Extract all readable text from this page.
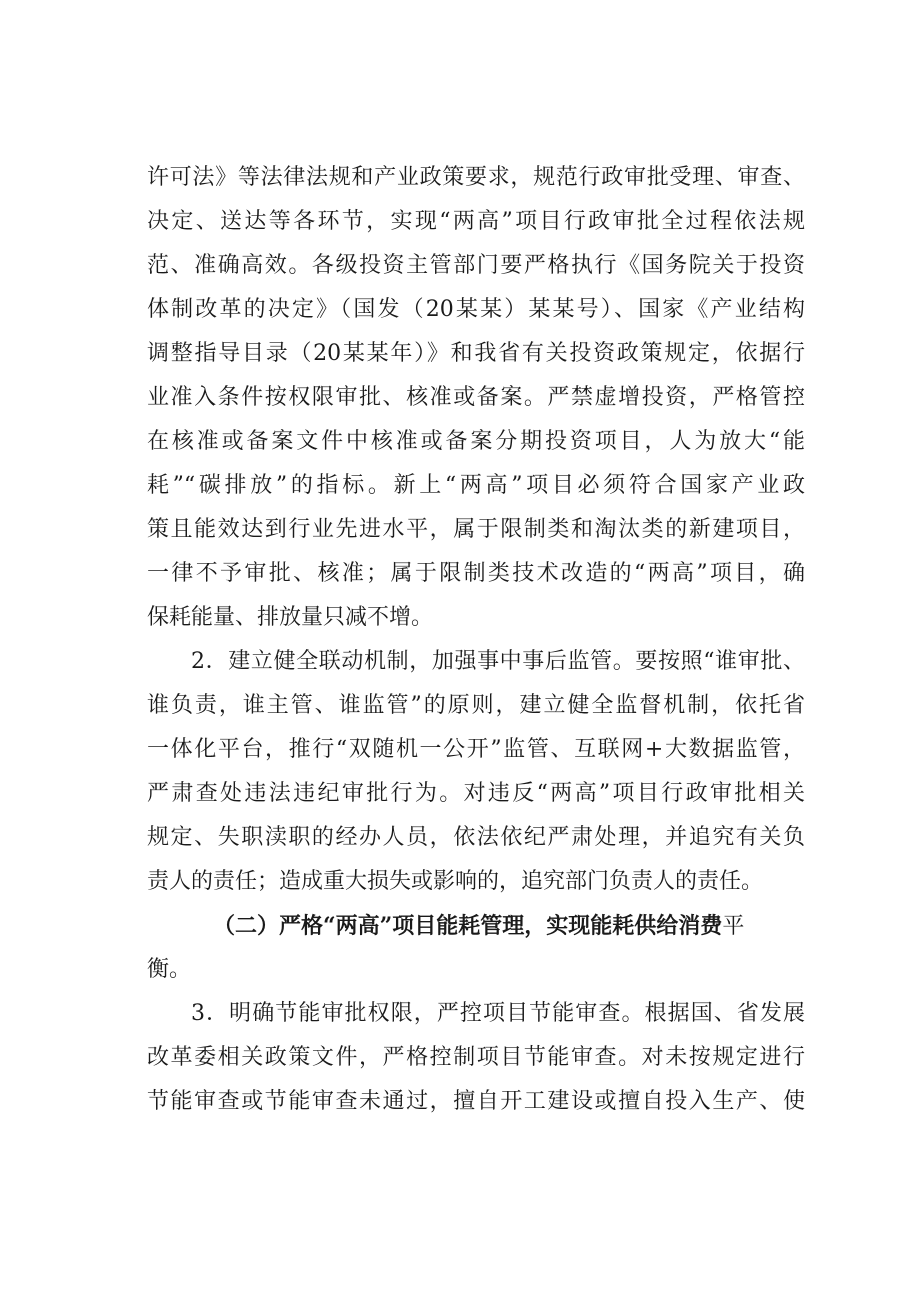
许可法》等法律法规和产业政策要求，规范行政审批受理、审查、
决定、送达等各环节，实现“两高”项目行政审批全过程依法规
范、准确高效。各级投资主管部门要严格执行《国务院关于投资
体制改革的决定》（国发（20某某）某某号）、国家《产业结构
调整指导目录（20某某年）》和我省有关投资政策规定，依据行
业准入条件按权限审批、核准或备案。严禁虚增投资，严格管控
在核准或备案文件中核准或备案分期投资项目，人为放大“能
耗”“碳排放”的指标。新上“两高”项目必须符合国家产业政
策且能效达到行业先进水平，属于限制类和淘汰类的新建项目，
一律不予审批、核准；属于限制类技术改造的“两高”项目，确
保耗能量、排放量只减不增。
2．建立健全联动机制，加强事中事后监管。要按照“谁审批、
谁负责，谁主管、谁监管”的原则，建立健全监督机制，依托省
一体化平台，推行“双随机一公开”监管、互联网+大数据监管，
严肃查处违法违纪审批行为。对违反“两高”项目行政审批相关
规定、失职渎职的经办人员，依法依纪严肃处理，并追究有关负
责人的责任；造成重大损失或影响的，追究部门负责人的责任。
（二）严格“两高”项目能耗管理，实现能耗供给消费平
衡。
3．明确节能审批权限，严控项目节能审查。根据国、省发展
改革委相关政策文件，严格控制项目节能审查。对未按规定进行
节能审查或节能审查未通过，擅自开工建设或擅自投入生产、使
